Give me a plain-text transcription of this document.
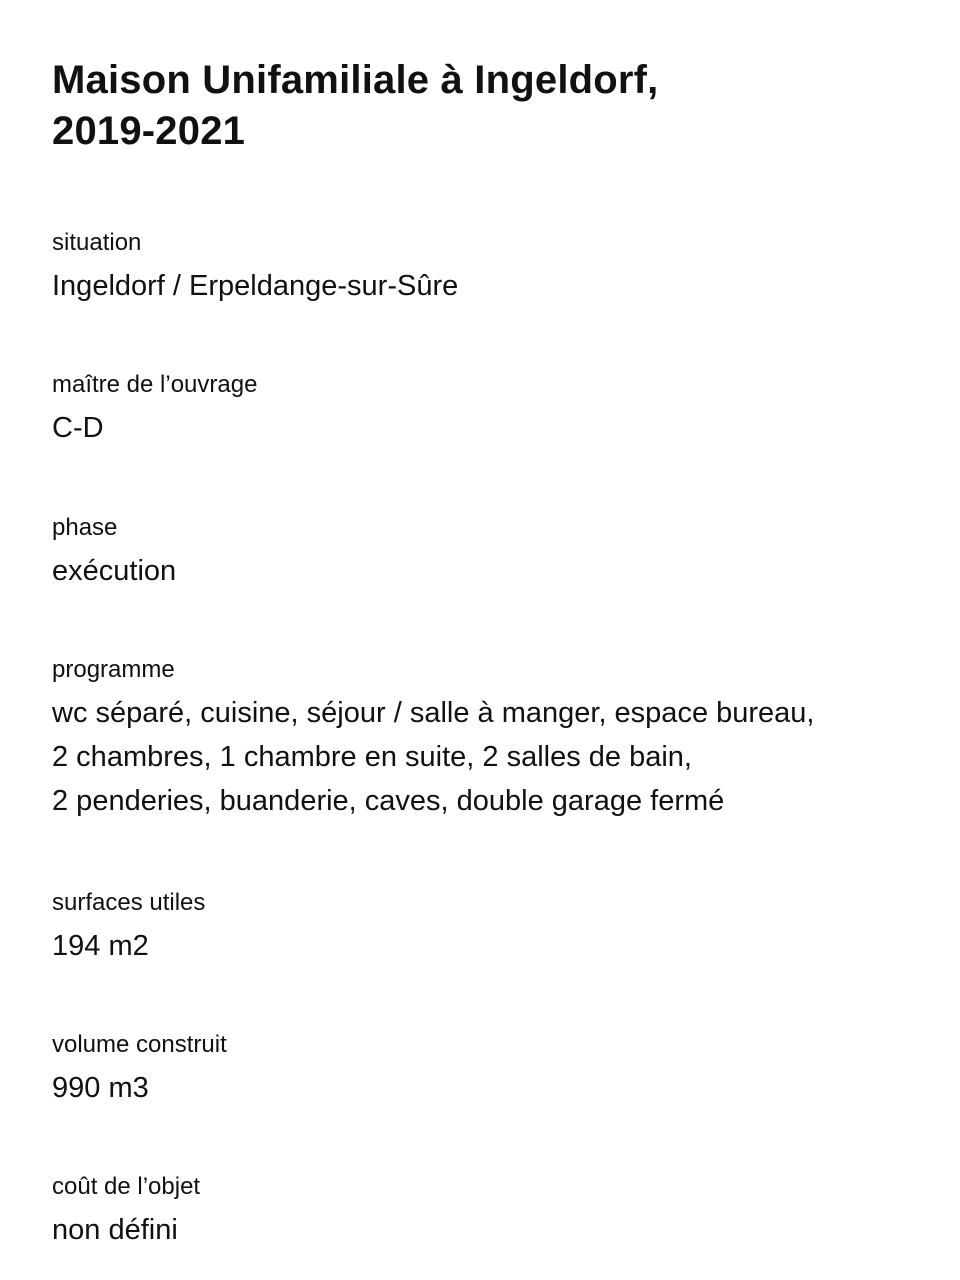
Maison Unifamiliale à Ingeldorf,
2019-2021
situation
Ingeldorf / Erpeldange-sur-Sûre
maître de l’ouvrage
C-D
phase
exécution
programme
wc séparé, cuisine, séjour / salle à manger, espace bureau,
2 chambres, 1 chambre en suite, 2 salles de bain,
2 penderies, buanderie, caves, double garage fermé
surfaces utiles
194 m2
volume construit
990 m3
coût de l’objet
non défini
